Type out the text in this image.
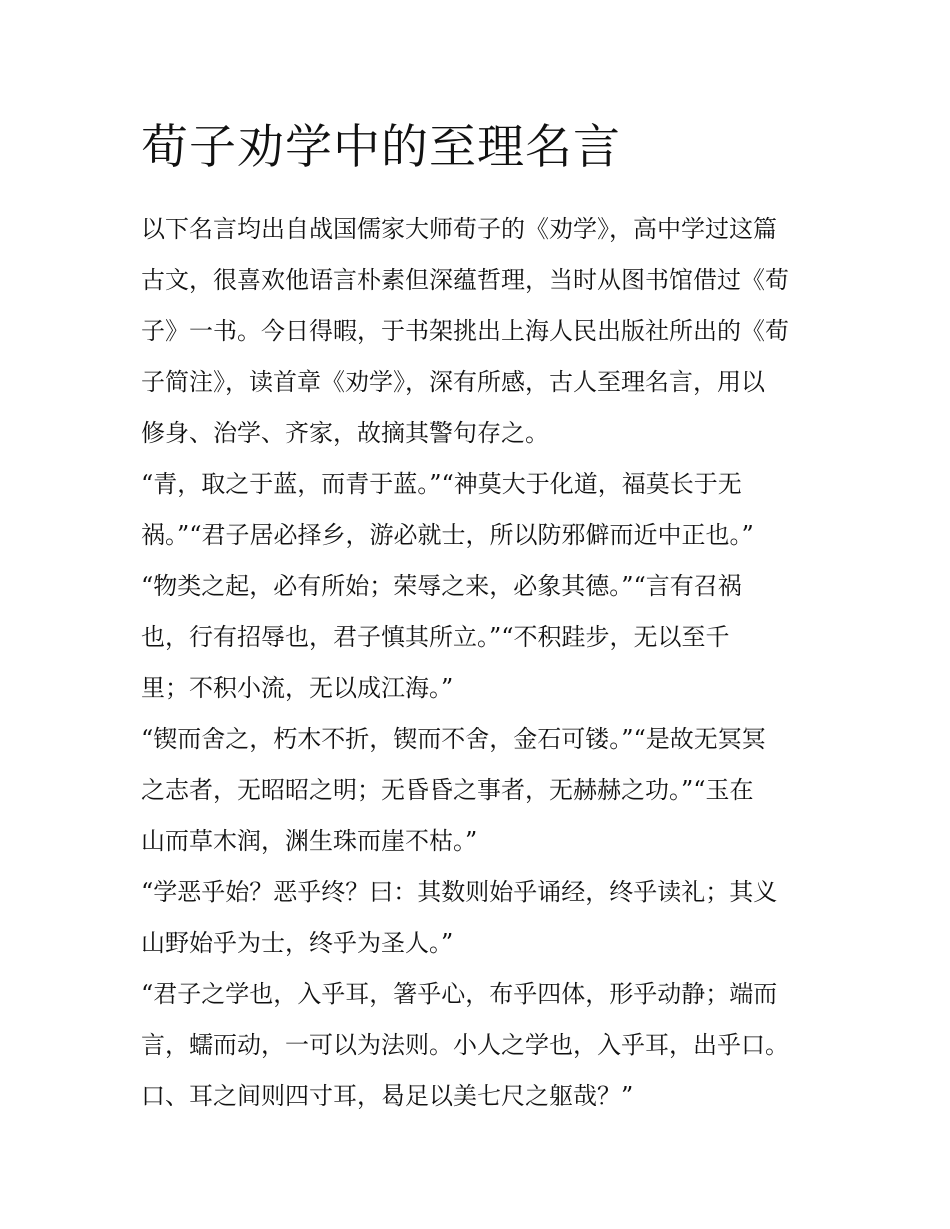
荀子劝学中的至理名言

以下名言均出自战国儒家大师荀子的《劝学》，高中学过这篇
古文，很喜欢他语言朴素但深蕴哲理，当时从图书馆借过《荀
子》一书。今日得暇，于书架挑出上海人民出版社所出的《荀
子简注》，读首章《劝学》，深有所感，古人至理名言，用以
修身、治学、齐家，故摘其警句存之。

“青，取之于蓝，而青于蓝。”“神莫大于化道，福莫长于无
祸。”“君子居必择乡，游必就士，所以防邪僻而近中正也。”

“物类之起，必有所始；荣辱之来，必象其德。”“言有召祸
也，行有招辱也，君子慎其所立。”“不积跬步，无以至千
里；不积小流，无以成江海。”

“锲而舍之，朽木不折，锲而不舍，金石可镂。”“是故无冥冥
之志者，无昭昭之明；无昏昏之事者，无赫赫之功。”“玉在
山而草木润，渊生珠而崖不枯。”

“学恶乎始？恶乎终？曰：其数则始乎诵经，终乎读礼；其义
山野始乎为士，终乎为圣人。”

“君子之学也，入乎耳，箸乎心，布乎四体，形乎动静；端而
言，蠕而动，一可以为法则。小人之学也，入乎耳，出乎口。
口、耳之间则四寸耳，曷足以美七尺之躯哉？”
